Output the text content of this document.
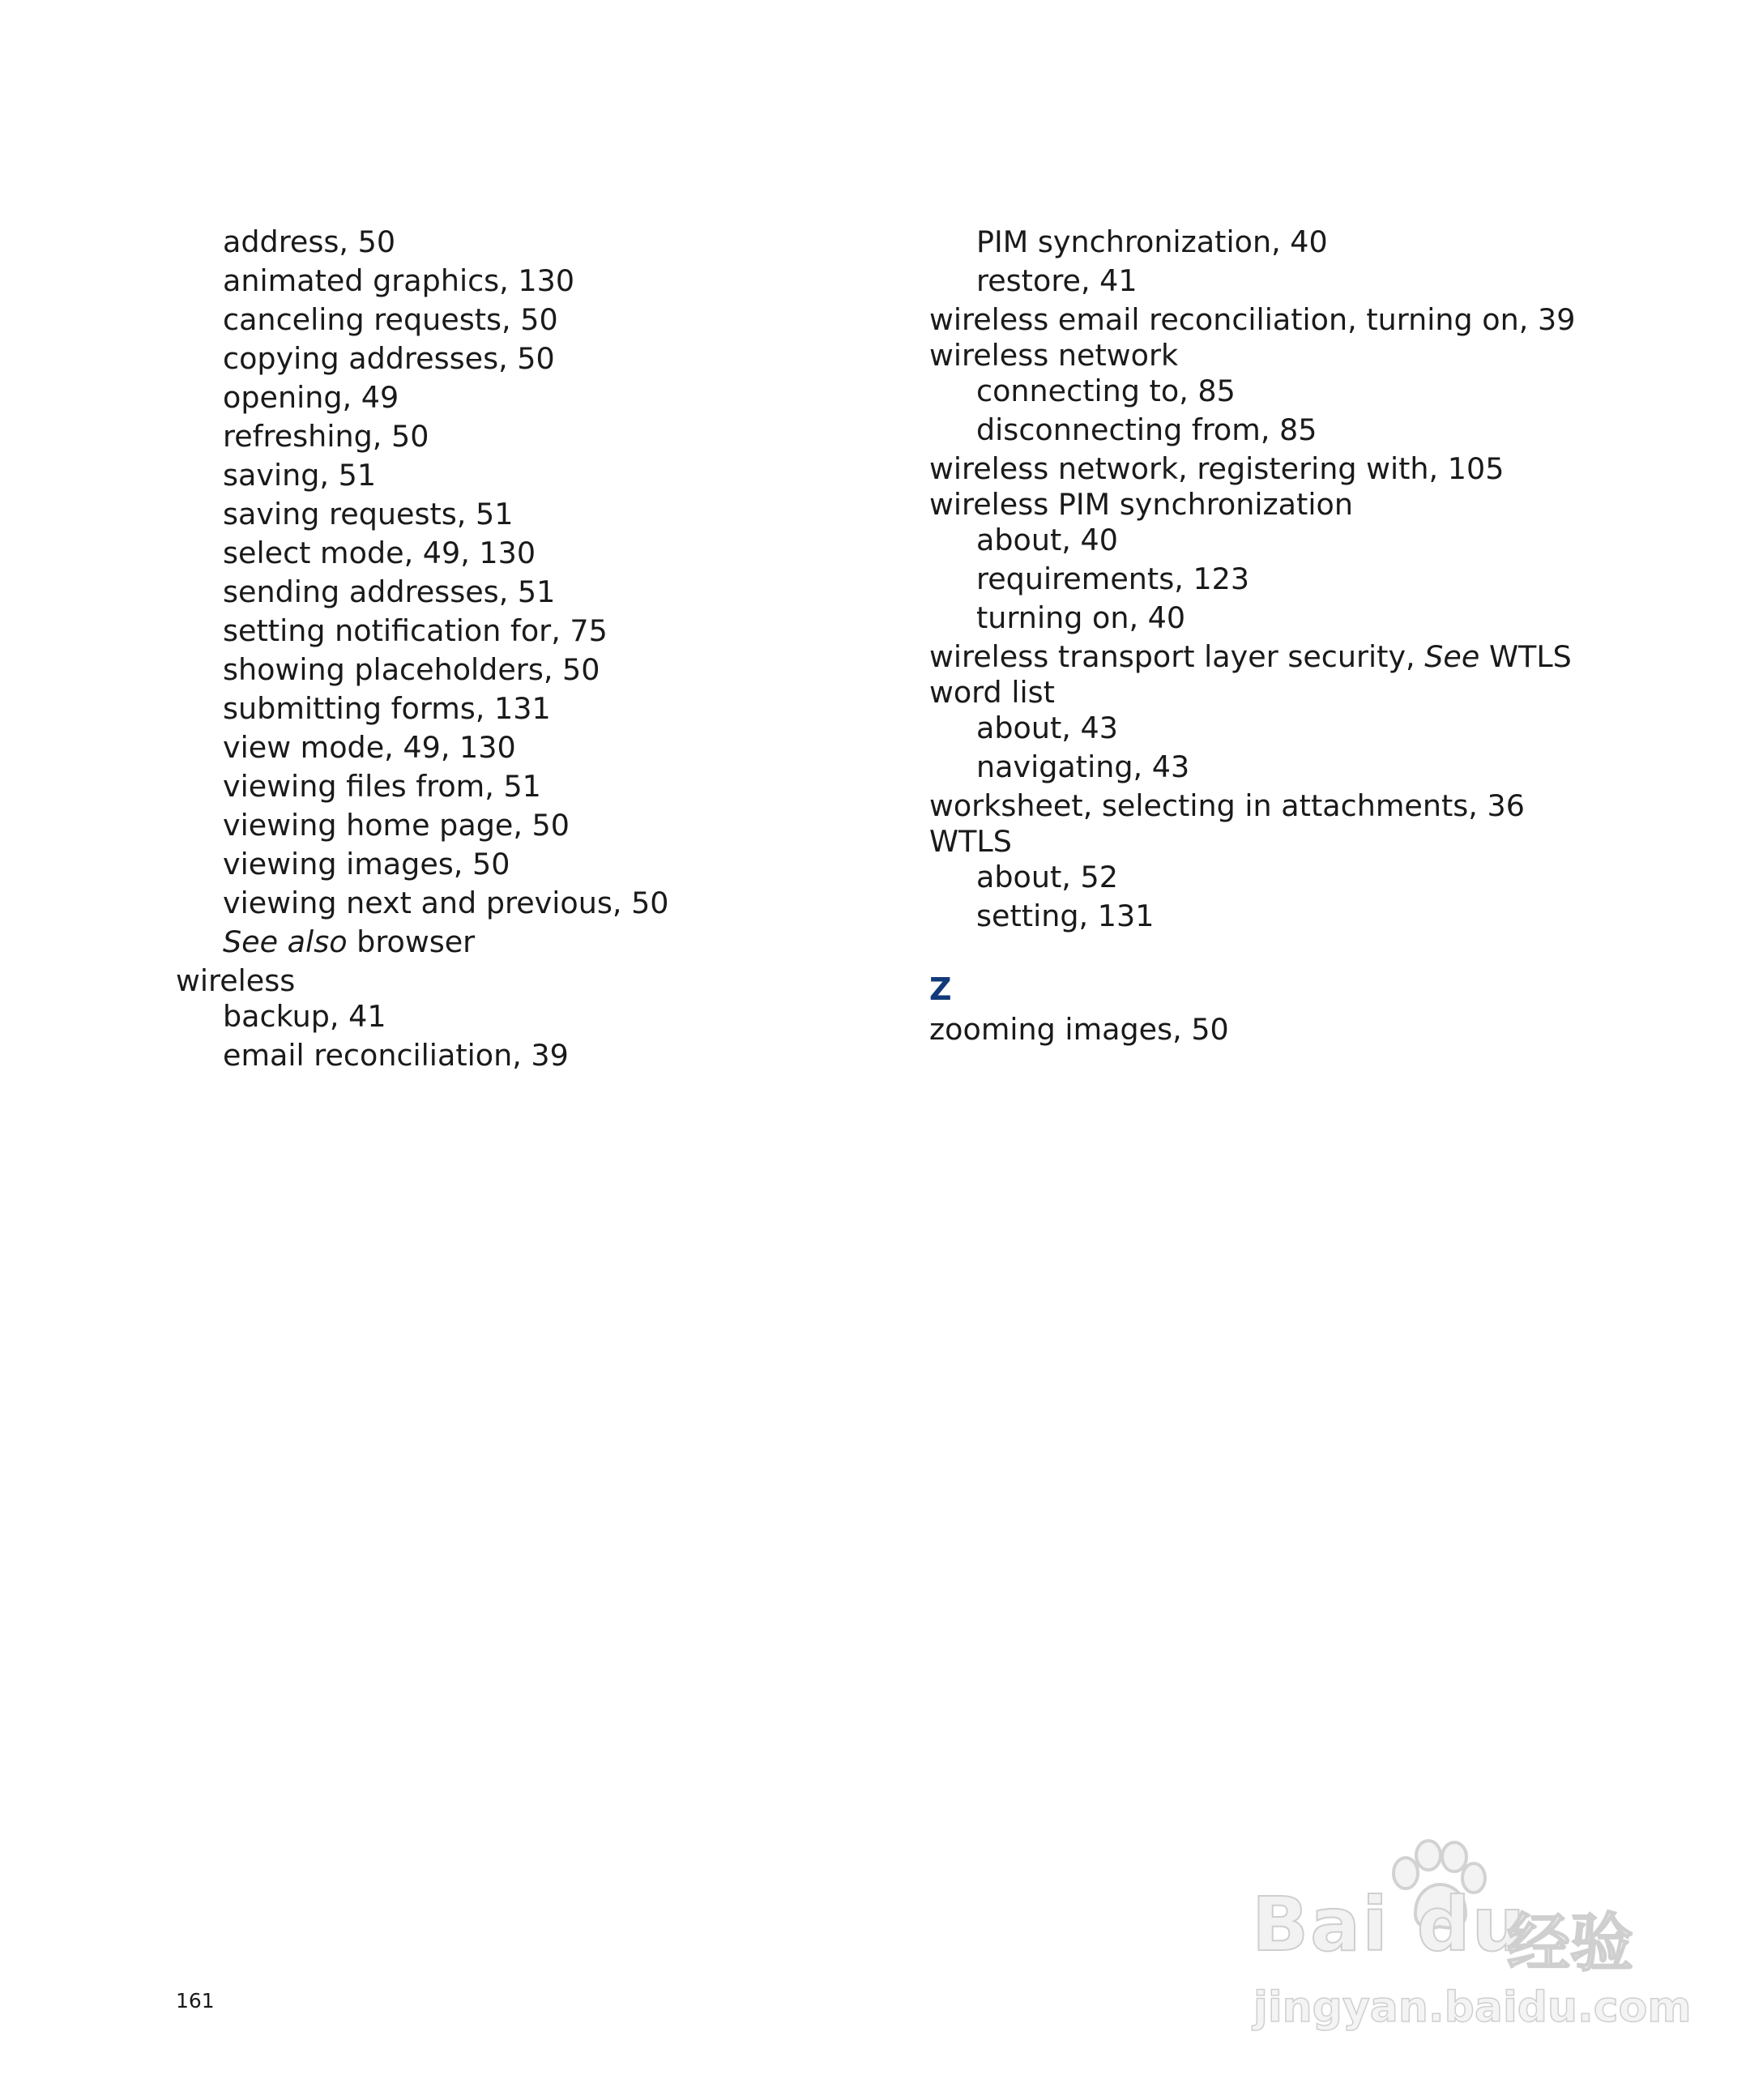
address, 50
animated graphics, 130
canceling requests, 50
copying addresses, 50
opening, 49
refreshing, 50
saving, 51
saving requests, 51
select mode, 49, 130
sending addresses, 51
setting notification for, 75
showing placeholders, 50
submitting forms, 131
view mode, 49, 130
viewing files from, 51
viewing home page, 50
viewing images, 50
viewing next and previous, 50
See also browser
wireless
backup, 41
email reconciliation, 39
PIM synchronization, 40
restore, 41
wireless email reconciliation, turning on, 39
wireless network
connecting to, 85
disconnecting from, 85
wireless network, registering with, 105
wireless PIM synchronization
about, 40
requirements, 123
turning on, 40
wireless transport layer security, See WTLS
word list
about, 43
navigating, 43
worksheet, selecting in attachments, 36
WTLS
about, 52
setting, 131
Z
zooming images, 50
161
Bai du
经验
jingyan.baidu.com
